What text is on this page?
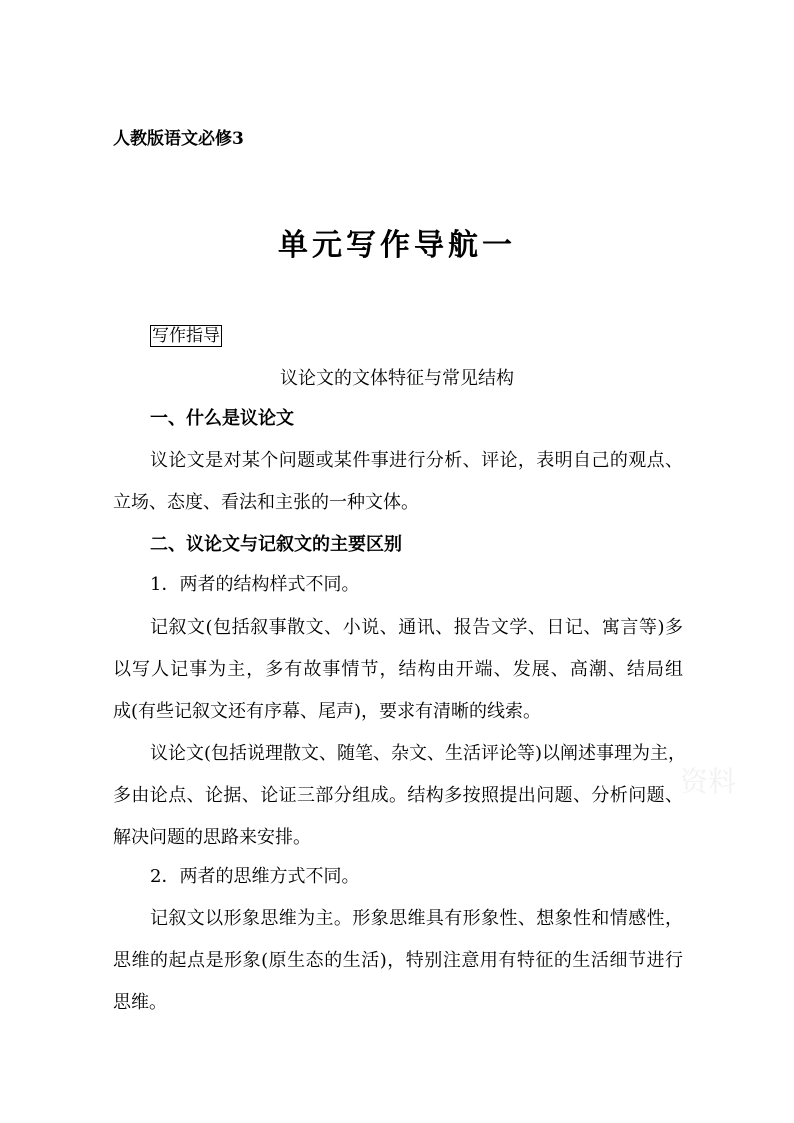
人教版语文必修3
单元写作导航一
写作指导
议论文的文体特征与常见结构
一、什么是议论文
议论文是对某个问题或某件事进行分析、评论，表明自己的观点、
立场、态度、看法和主张的一种文体。
二、议论文与记叙文的主要区别
1．两者的结构样式不同。
记叙文(包括叙事散文、小说、通讯、报告文学、日记、寓言等)多
以写人记事为主，多有故事情节，结构由开端、发展、高潮、结局组
成(有些记叙文还有序幕、尾声)，要求有清晰的线索。
议论文(包括说理散文、随笔、杂文、生活评论等)以阐述事理为主，
多由论点、论据、论证三部分组成。结构多按照提出问题、分析问题、
解决问题的思路来安排。
2．两者的思维方式不同。
记叙文以形象思维为主。形象思维具有形象性、想象性和情感性，
思维的起点是形象(原生态的生活)，特别注意用有特征的生活细节进行
思维。
资料
